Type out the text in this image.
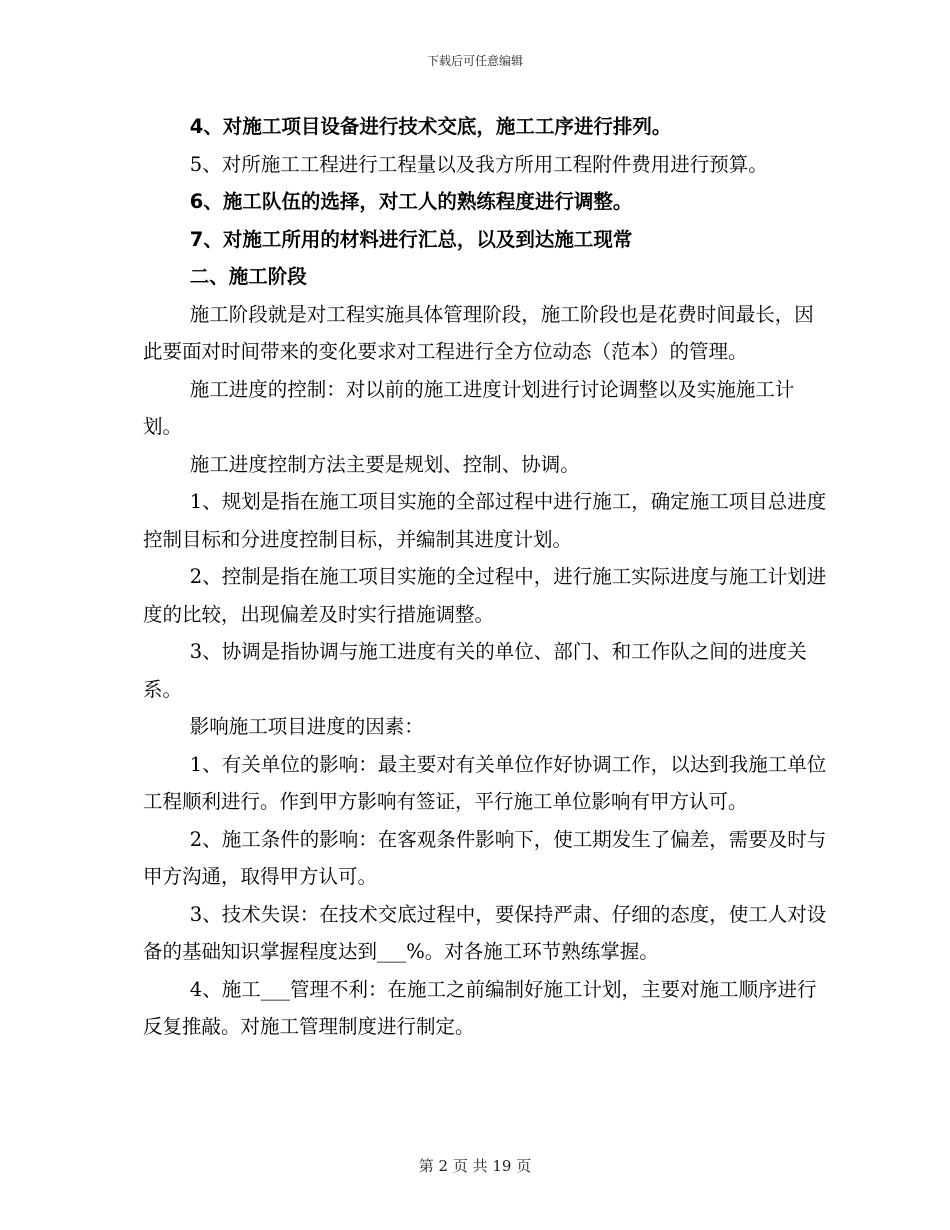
下载后可任意编辑

4、对施工项目设备进行技术交底，施工工序进行排列。

5、对所施工工程进行工程量以及我方所用工程附件费用进行预算。

6、施工队伍的选择，对工人的熟练程度进行调整。

7、对施工所用的材料进行汇总，以及到达施工现常

二、施工阶段

施工阶段就是对工程实施具体管理阶段，施工阶段也是花费时间最长，因此要面对时间带来的变化要求对工程进行全方位动态（范本）的管理。

施工进度的控制：对以前的施工进度计划进行讨论调整以及实施施工计划。

施工进度控制方法主要是规划、控制、协调。

1、规划是指在施工项目实施的全部过程中进行施工，确定施工项目总进度控制目标和分进度控制目标，并编制其进度计划。

2、控制是指在施工项目实施的全过程中，进行施工实际进度与施工计划进度的比较，出现偏差及时实行措施调整。

3、协调是指协调与施工进度有关的单位、部门、和工作队之间的进度关系。

影响施工项目进度的因素：

1、有关单位的影响：最主要对有关单位作好协调工作，以达到我施工单位工程顺利进行。作到甲方影响有签证，平行施工单位影响有甲方认可。

2、施工条件的影响：在客观条件影响下，使工期发生了偏差，需要及时与甲方沟通，取得甲方认可。

3、技术失误：在技术交底过程中，要保持严肃、仔细的态度，使工人对设备的基础知识掌握程度达到___%。对各施工环节熟练掌握。

4、施工___管理不利：在施工之前编制好施工计划，主要对施工顺序进行反复推敲。对施工管理制度进行制定。

第 2 页 共 19 页
